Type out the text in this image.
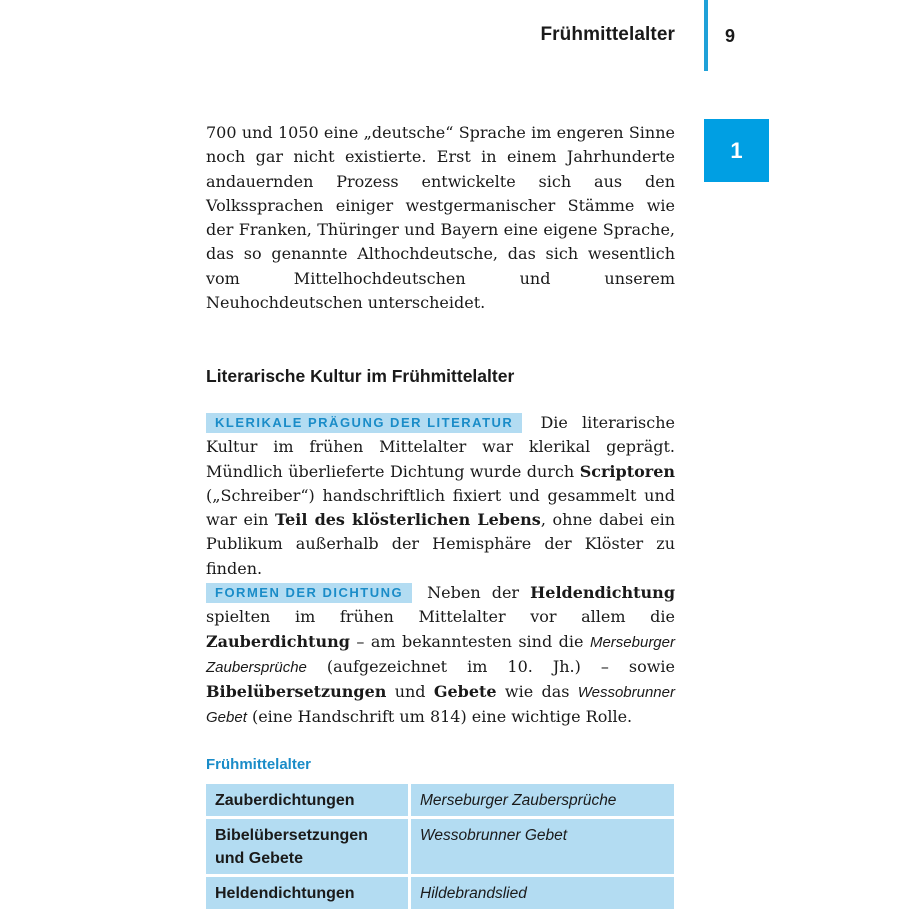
Frühmittelalter	9
1

700 und 1050 eine „deutsche“ Sprache im engeren Sinne noch gar nicht existierte. Erst in einem Jahrhunderte andauernden Prozess entwickelte sich aus den Volkssprachen einiger westgermanischer Stämme wie der Franken, Thüringer und Bayern eine eigene Sprache, das so genannte Althochdeutsche, das sich wesentlich vom Mittelhochdeutschen und unserem Neuhochdeutschen unterscheidet.

Literarische Kultur im Frühmittelalter

KLERIKALE PRÄGUNG DER LITERATUR Die literarische Kultur im frühen Mittelalter war klerikal geprägt. Mündlich überlieferte Dichtung wurde durch Scriptoren („Schreiber“) handschriftlich fixiert und gesammelt und war ein Teil des klösterlichen Lebens, ohne dabei ein Publikum außerhalb der Hemisphäre der Klöster zu finden.

FORMEN DER DICHTUNG Neben der Heldendichtung spielten im frühen Mittelalter vor allem die Zauberdichtung – am bekanntesten sind die Merseburger Zaubersprüche (aufgezeichnet im 10. Jh.) – sowie Bibelübersetzungen und Gebete wie das Wessobrunner Gebet (eine Handschrift um 814) eine wichtige Rolle.

Frühmittelalter
Zauberdichtungen	Merseburger Zaubersprüche
Bibelübersetzungen und Gebete	Wessobrunner Gebet
Heldendichtungen	Hildebrandslied
